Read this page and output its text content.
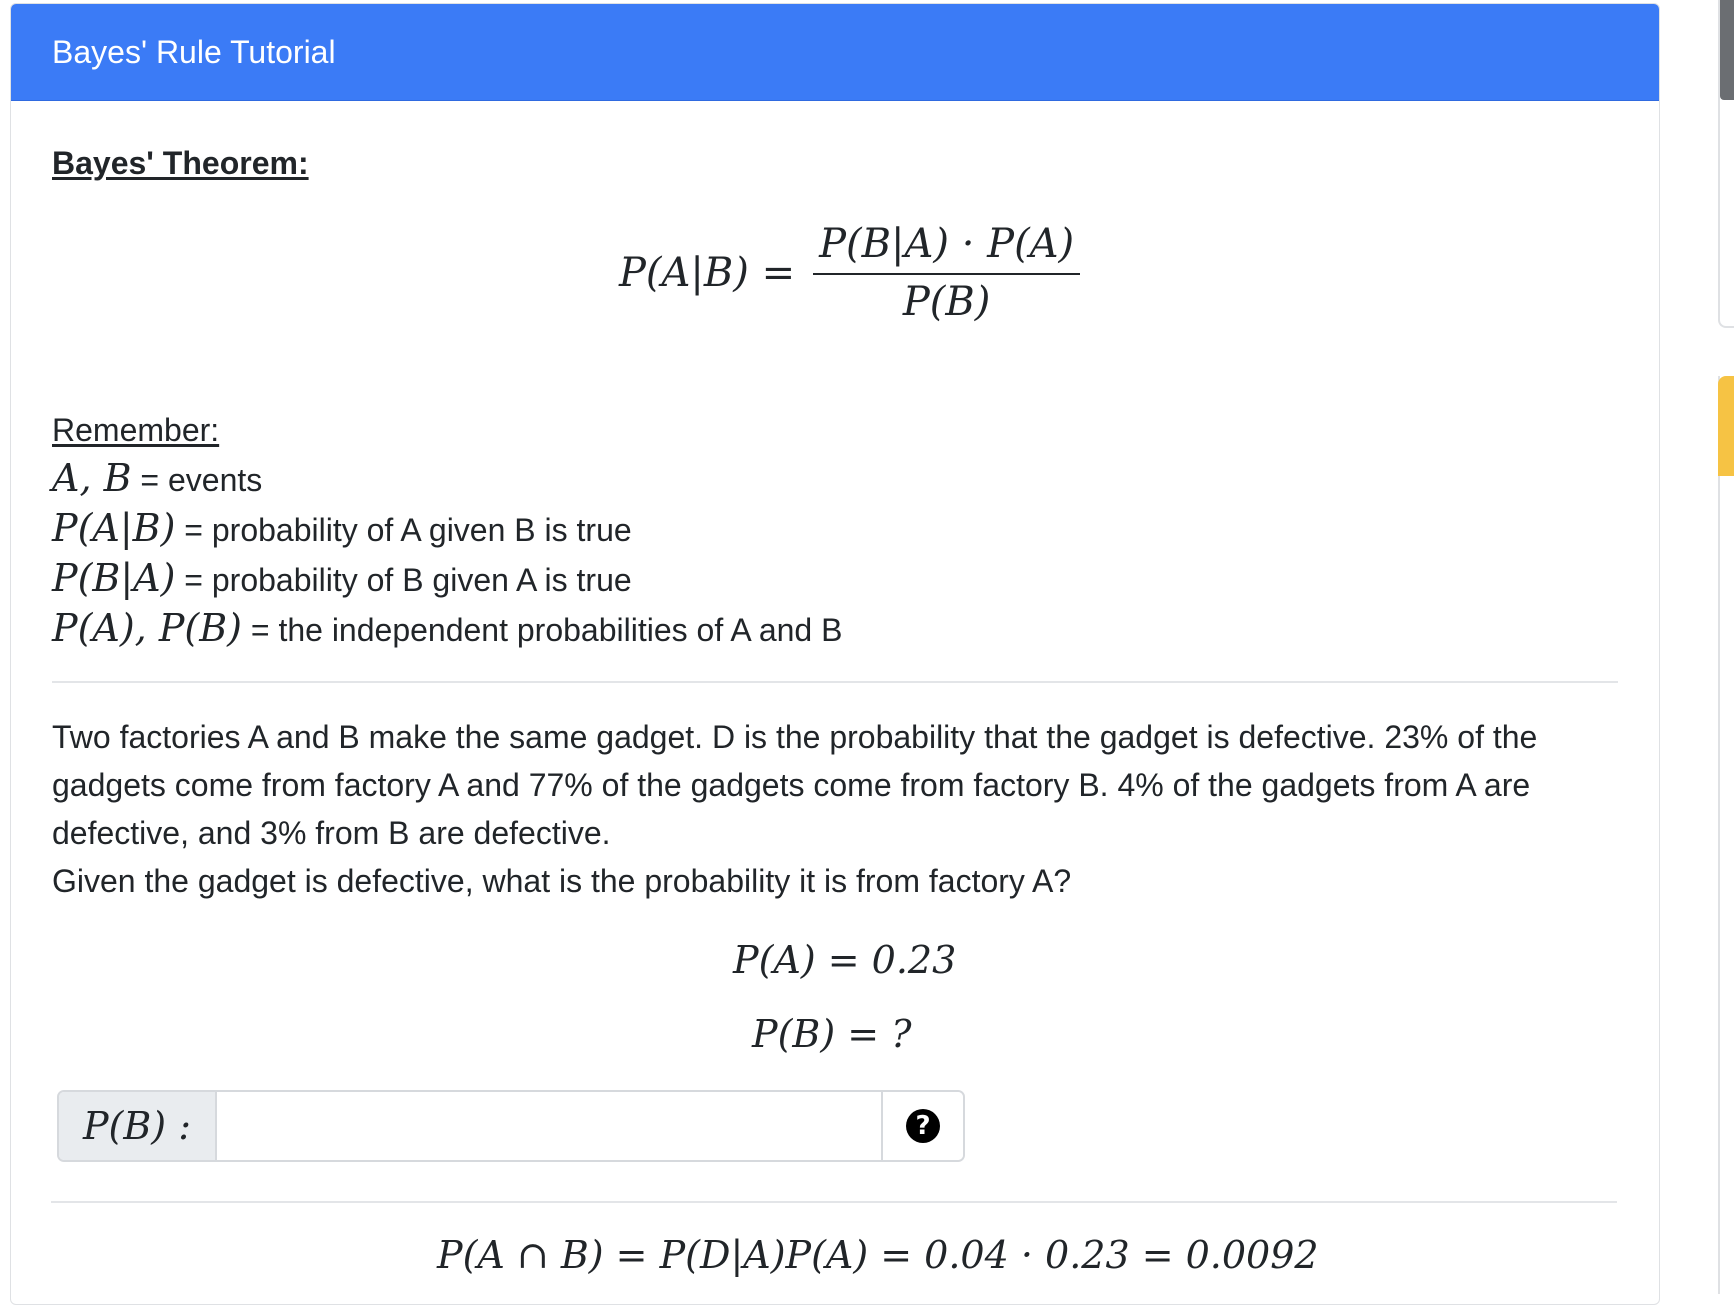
Bayes' Rule Tutorial
Bayes' Theorem:
$P(A|B) = \frac{P(B|A) \cdot P(A)}{P(B)}$
Remember:
A, B = events
P(A|B) = probability of A given B is true
P(B|A) = probability of B given A is true
P(A), P(B) = the independent probabilities of A and B
Two factories A and B make the same gadget. D is the probability that the gadget is defective. 23% of the gadgets come from factory A and 77% of the gadgets come from factory B. 4% of the gadgets from A are defective, and 3% from B are defective.
Given the gadget is defective, what is the probability it is from factory A?
P(A) = 0.23
P(B) = ?
P(B) :	?
P(A ∩ B) = P(D|A)P(A) = 0.04 · 0.23 = 0.0092
